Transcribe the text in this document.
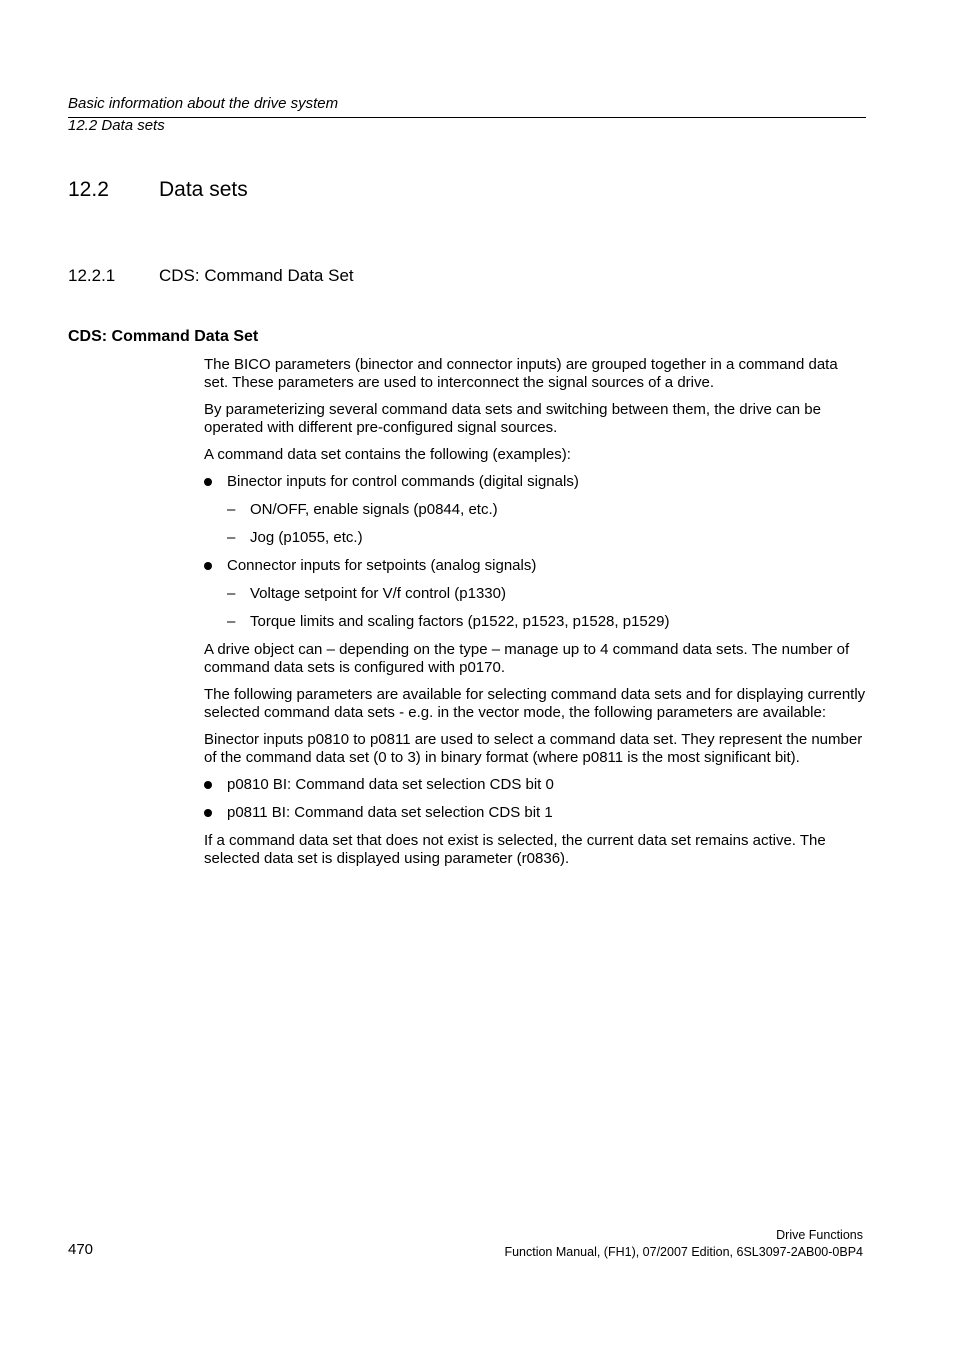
Basic information about the drive system
12.2 Data sets
12.2 Data sets
12.2.1	CDS: Command Data Set
CDS: Command Data Set

The BICO parameters (binector and connector inputs) are grouped together in a command data set. These parameters are used to interconnect the signal sources of a drive.

By parameterizing several command data sets and switching between them, the drive can be operated with different pre-configured signal sources.

A command data set contains the following (examples):

Binector inputs for control commands (digital signals)
– ON/OFF, enable signals (p0844, etc.)
– Jog (p1055, etc.)
Connector inputs for setpoints (analog signals)
– Voltage setpoint for V/f control (p1330)
– Torque limits and scaling factors (p1522, p1523, p1528, p1529)

A drive object can – depending on the type – manage up to 4 command data sets. The number of command data sets is configured with p0170.

The following parameters are available for selecting command data sets and for displaying currently selected command data sets - e.g. in the vector mode, the following parameters are available:

Binector inputs p0810 to p0811 are used to select a command data set. They represent the number of the command data set (0 to 3) in binary format (where p0811 is the most significant bit).

p0810 BI: Command data set selection CDS bit 0
p0811 BI: Command data set selection CDS bit 1

If a command data set that does not exist is selected, the current data set remains active. The selected data set is displayed using parameter (r0836).

470
Drive Functions
Function Manual, (FH1), 07/2007 Edition, 6SL3097-2AB00-0BP4
